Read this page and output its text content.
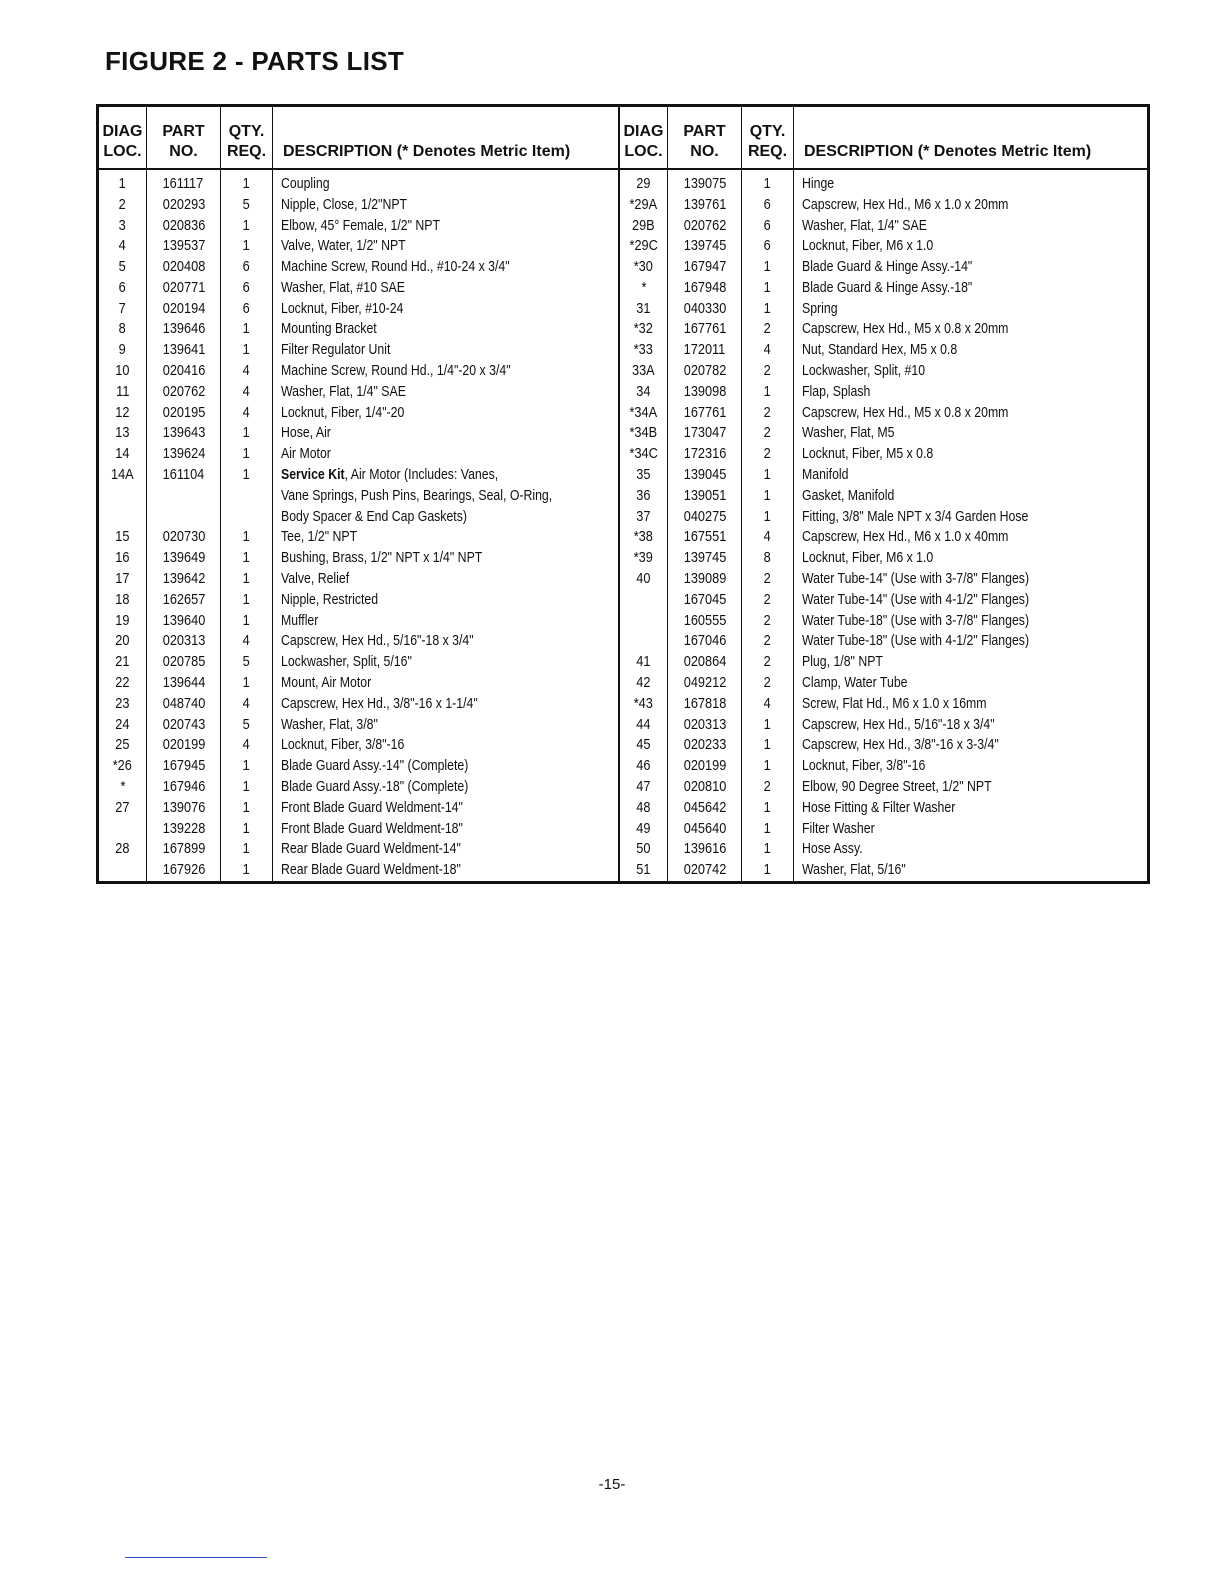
FIGURE 2 - PARTS LIST
DIAG
LOC.
PART
NO.
QTY.
REQ.	DESCRIPTION (* Denotes Metric Item)
1
2
3
4
5
6
7
8
9
10
11
12
13
14
14A
15
16
17
18
19
20
21
22
23
24
25
*26
*
27
28
161117
020293
020836
139537
020408
020771
020194
139646
139641
020416
020762
020195
139643
139624
161104
020730
139649
139642
162657
139640
020313
020785
139644
048740
020743
020199
167945
167946
139076
139228
167899
167926
1
5
1
1
6
6
6
1
1
4
4
4
1
1
1
1
1
1
1
1
4
5
1
4
5
4
1
1
1
1
1
1
Coupling
Nipple, Close, 1/2"NPT
Elbow, 45° Female, 1/2" NPT
Valve, Water, 1/2" NPT
Machine Screw, Round Hd., #10-24 x 3/4"
Washer, Flat, #10 SAE
Locknut, Fiber, #10-24
Mounting Bracket
Filter Regulator Unit
Machine Screw, Round Hd., 1/4"-20 x 3/4"
Washer, Flat, 1/4" SAE
Locknut, Fiber, 1/4"-20
Hose, Air
Air Motor
Service Kit, Air Motor (Includes: Vanes,
Vane Springs, Push Pins, Bearings, Seal, O-Ring,
Body Spacer & End Cap Gaskets)
Tee, 1/2" NPT
Bushing, Brass, 1/2" NPT x 1/4" NPT
Valve, Relief
Nipple, Restricted
Muffler
Capscrew, Hex Hd., 5/16"-18 x 3/4"
Lockwasher, Split, 5/16"
Mount, Air Motor
Capscrew, Hex Hd., 3/8"-16 x 1-1/4"
Washer, Flat, 3/8"
Locknut, Fiber, 3/8"-16
Blade Guard Assy.-14" (Complete)
Blade Guard Assy.-18" (Complete)
Front Blade Guard Weldment-14"
Front Blade Guard Weldment-18"
Rear Blade Guard Weldment-14"
Rear Blade Guard Weldment-18"
DIAG
LOC.
PART
NO.
QTY.
REQ.	DESCRIPTION (* Denotes Metric Item)
29
*29A
29B
*29C
*30
*
31
*32
*33
33A
34
*34A
*34B
*34C
35
36
37
*38
*39
40
41
42
*43
44
45
46
47
48
49
50
51
139075
139761
020762
139745
167947
167948
040330
167761
172011
020782
139098
167761
173047
172316
139045
139051
040275
167551
139745
139089
167045
160555
167046
020864
049212
167818
020313
020233
020199
020810
045642
045640
139616
020742
1
6
6
6
1
1
1
2
4
2
1
2
2
2
1
1
1
4
8
2
2
2
2
2
2
4
1
1
1
2
1
1
1
1
Hinge
Capscrew, Hex Hd., M6 x 1.0 x 20mm
Washer, Flat, 1/4" SAE
Locknut, Fiber, M6 x 1.0
Blade Guard & Hinge Assy.-14"
Blade Guard & Hinge Assy.-18"
Spring
Capscrew, Hex Hd., M5 x 0.8 x 20mm
Nut, Standard Hex, M5 x 0.8
Lockwasher, Split, #10
Flap, Splash
Capscrew, Hex Hd., M5 x 0.8 x 20mm
Washer, Flat, M5
Locknut, Fiber, M5 x 0.8
Manifold
Gasket, Manifold
Fitting, 3/8" Male NPT x 3/4 Garden Hose
Capscrew, Hex Hd., M6 x 1.0 x 40mm
Locknut, Fiber, M6 x 1.0
Water Tube-14" (Use with 3-7/8" Flanges)
Water Tube-14" (Use with 4-1/2" Flanges)
Water Tube-18" (Use with 3-7/8" Flanges)
Water Tube-18" (Use with 4-1/2" Flanges)
Plug, 1/8" NPT
Clamp, Water Tube
Screw, Flat Hd., M6 x 1.0 x 16mm
Capscrew, Hex Hd., 5/16"-18 x 3/4"
Capscrew, Hex Hd., 3/8"-16 x 3-3/4"
Locknut, Fiber, 3/8"-16
Elbow, 90 Degree Street, 1/2" NPT
Hose Fitting & Filter Washer
Filter Washer
Hose Assy.
Washer, Flat, 5/16"
-15-
